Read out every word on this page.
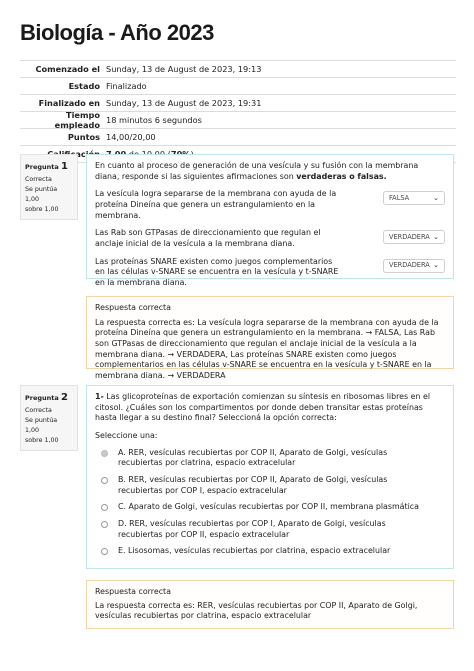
Biología - Año 2023
Comenzado el Sunday, 13 de August de 2023, 19:13
Estado Finalizado
Finalizado en Sunday, 13 de August de 2023, 19:31
Tiempo empleado 18 minutos 6 segundos
Puntos 14,00/20,00
Pregunta 1
Correcta
Se puntúa 1,00
sobre 1,00
En cuanto al proceso de generación de una vesícula y su fusión con la membrana diana, responde si las siguientes afirmaciones son verdaderas o falsas.
La vesícula logra separarse de la membrana con ayuda de la proteína Dineína que genera un estrangulamiento en la membrana.
FALSA	⌄
Las Rab son GTPasas de direccionamiento que regulan el anclaje inicial de la vesícula a la membrana diana.
VERDADERA ⌄
Las proteínas SNARE existen como juegos complementarios en las células v-SNARE se encuentra en la vesícula y t-SNARE en la membrana diana.
VERDADERA ⌄
Respuesta correcta
La respuesta correcta es: La vesícula logra separarse de la membrana con ayuda de la proteína Dineína que genera un estrangulamiento en la membrana. → FALSA, Las Rab son GTPasas de direccionamiento que regulan el anclaje inicial de la vesícula a la membrana diana. → VERDADERA, Las proteínas SNARE existen como juegos complementarios en las células v-SNARE se encuentra en la vesícula y t-SNARE en la membrana diana. → VERDADERA
Pregunta 2
Correcta
Se puntúa 1,00
sobre 1,00
1- Las glicoproteínas de exportación comienzan su síntesis en ribosomas libres en el citosol. ¿Cuáles son los compartimentos por donde deben transitar estas proteínas hasta llegar a su destino final? Seleccioná la opción correcta:
Seleccione una:
A. RER, vesículas recubiertas por COP II, Aparato de Golgi, vesículas recubiertas por clatrina, espacio extracelular
B. RER, vesículas recubiertas por COP II, Aparato de Golgi, vesículas recubiertas por COP I, espacio extracelular
C. Aparato de Golgi, vesículas recubiertas por COP II, membrana plasmática
D. RER, vesículas recubiertas por COP I, Aparato de Golgi, vesículas recubiertas por COP II, espacio extracelular
E. Lisosomas, vesículas recubiertas por clatrina, espacio extracelular
Respuesta correcta
La respuesta correcta es: RER, vesículas recubiertas por COP II, Aparato de Golgi, vesículas recubiertas por clatrina, espacio extracelular
